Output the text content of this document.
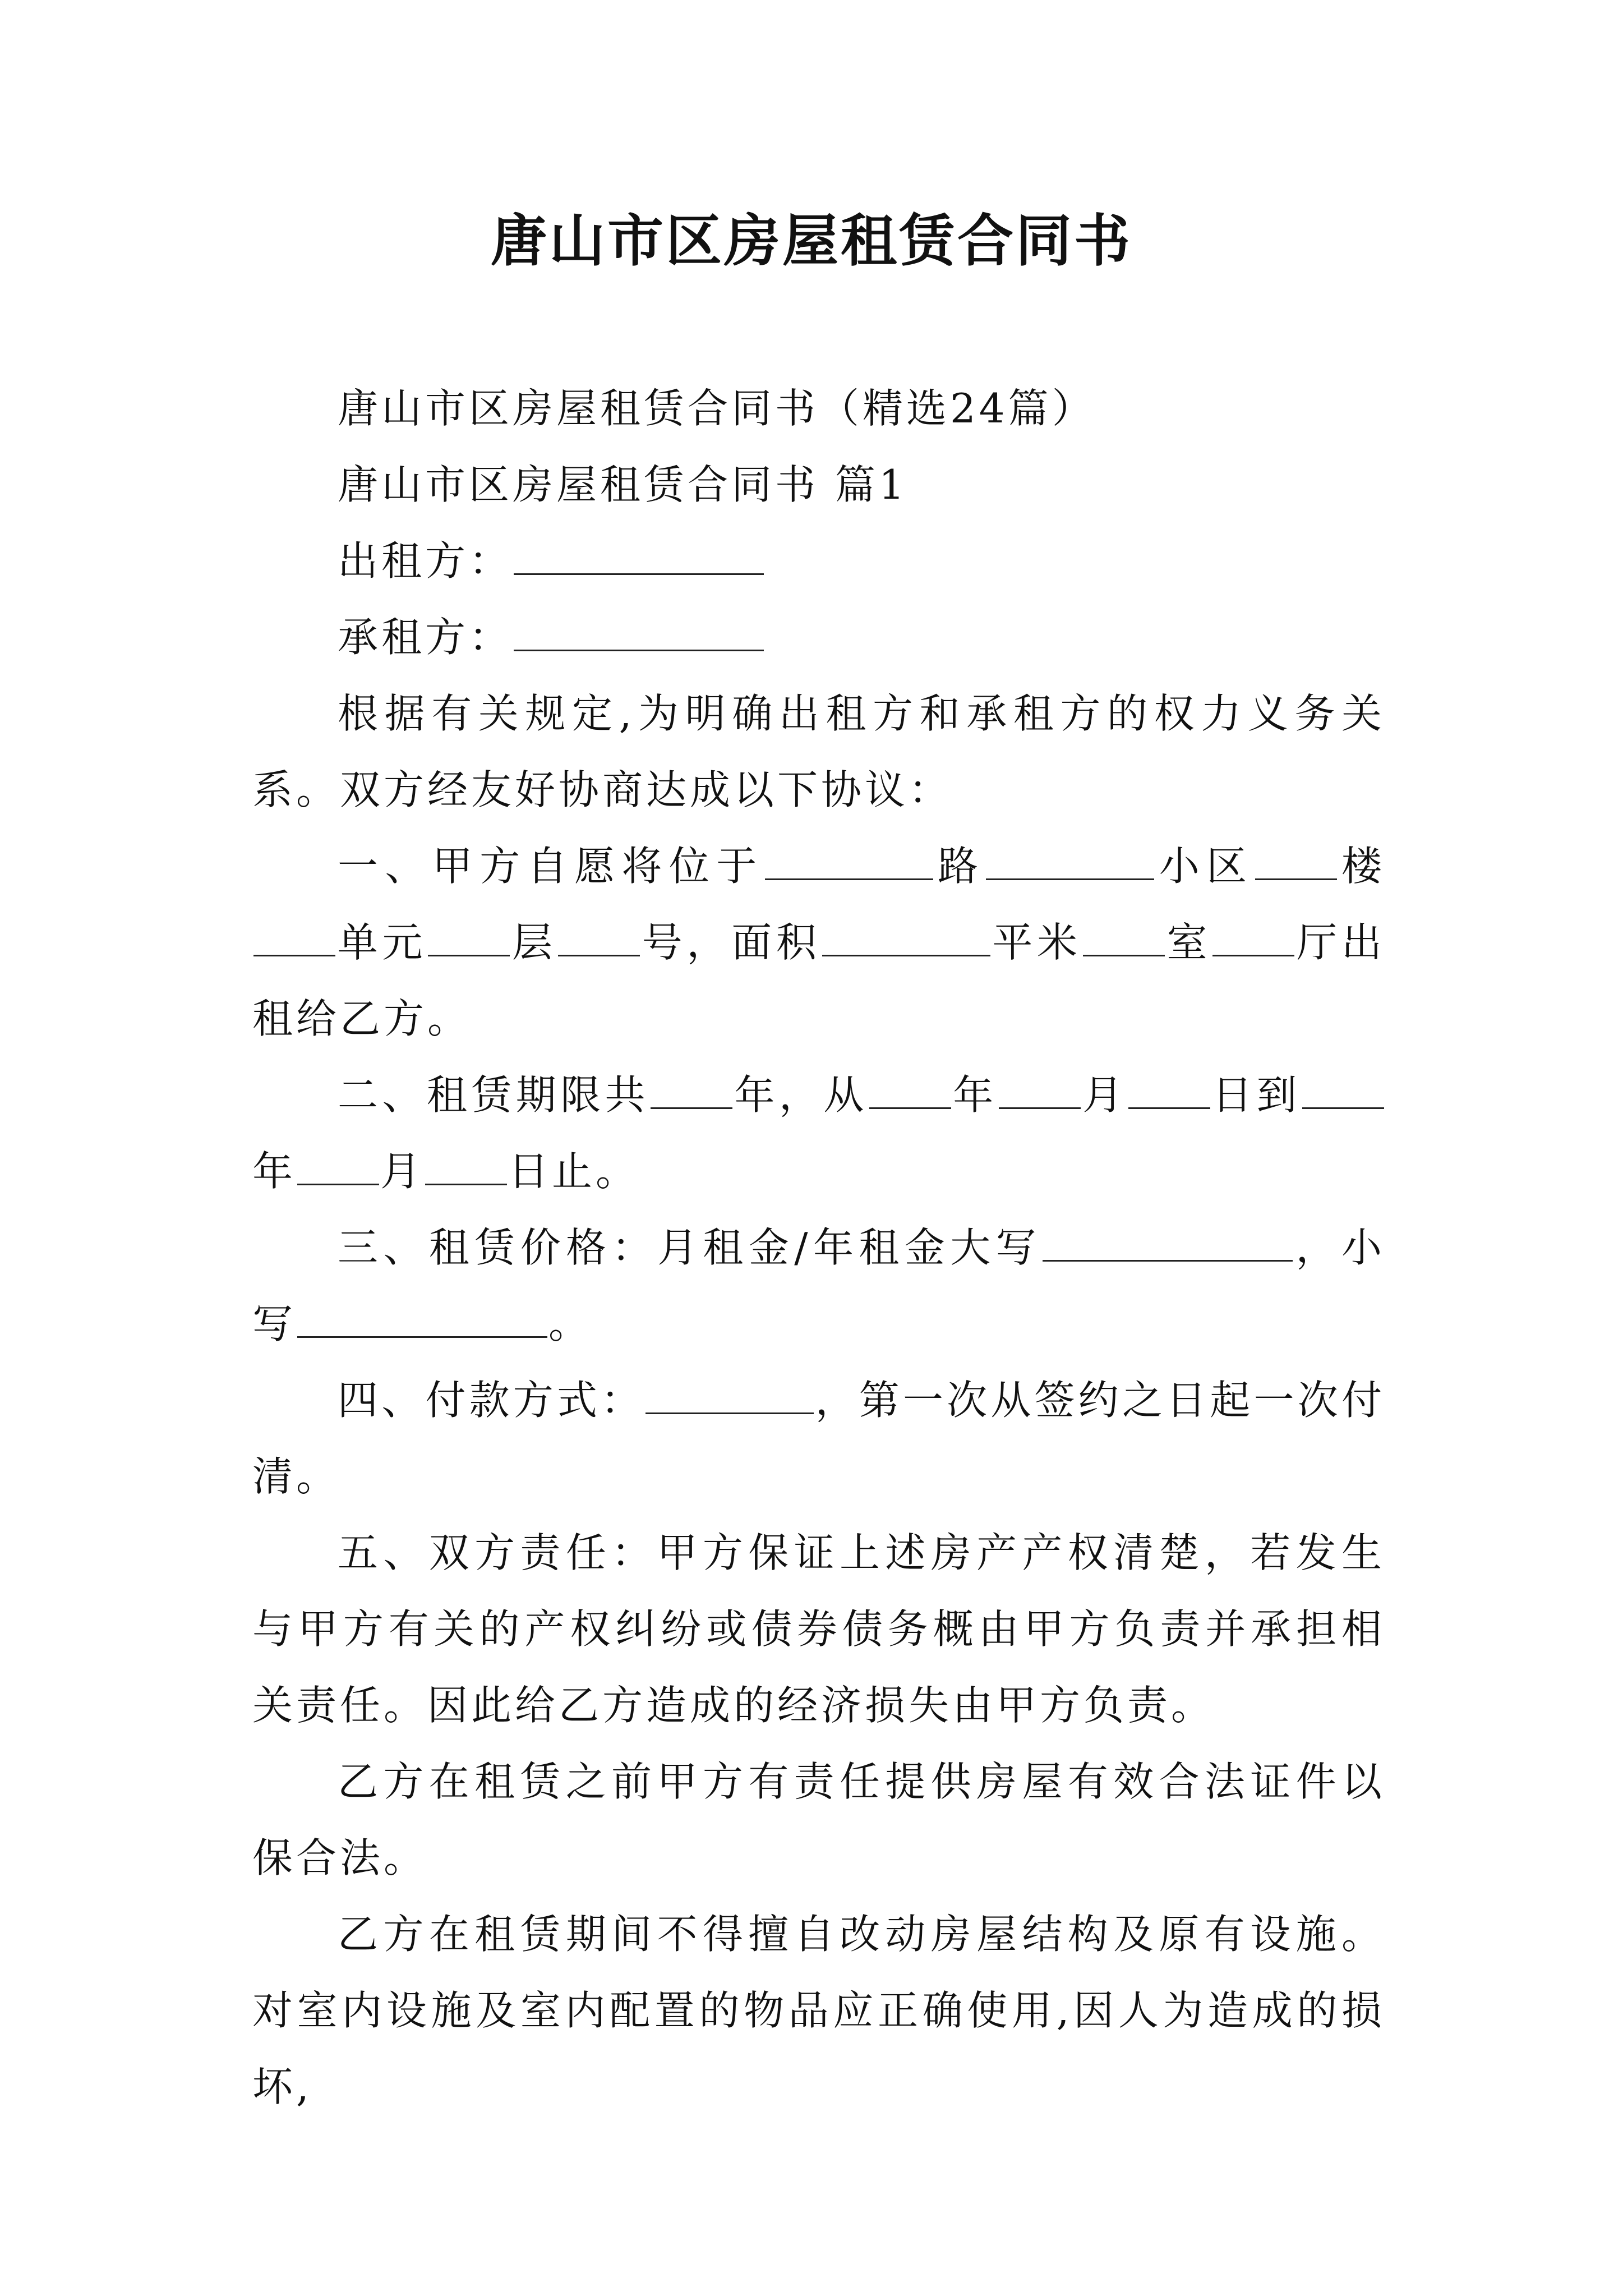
唐山市区房屋租赁合同书

唐山市区房屋租赁合同书（精选24篇）

唐山市区房屋租赁合同书 篇1

出租方：

承租方：

根据有关规定,为明确出租方和承租方的权力义务关系。双方经友好协商达成以下协议：

一、甲方自愿将位于	路	小区 楼单元 层 号，面积	平米 室 厅出租给乙方。

二、租赁期限共 年，从 年 月 日到年 月 日止。

三、租赁价格：月租金/年租金大写	，小写	。

四、付款方式：	，第一次从签约之日起一次付清。

五、双方责任：甲方保证上述房产产权清楚，若发生与甲方有关的产权纠纷或债券债务概由甲方负责并承担相关责任。因此给乙方造成的经济损失由甲方负责。

乙方在租赁之前甲方有责任提供房屋有效合法证件以保合法。

乙方在租赁期间不得擅自改动房屋结构及原有设施。对室内设施及室内配置的物品应正确使用,因人为造成的损坏,
